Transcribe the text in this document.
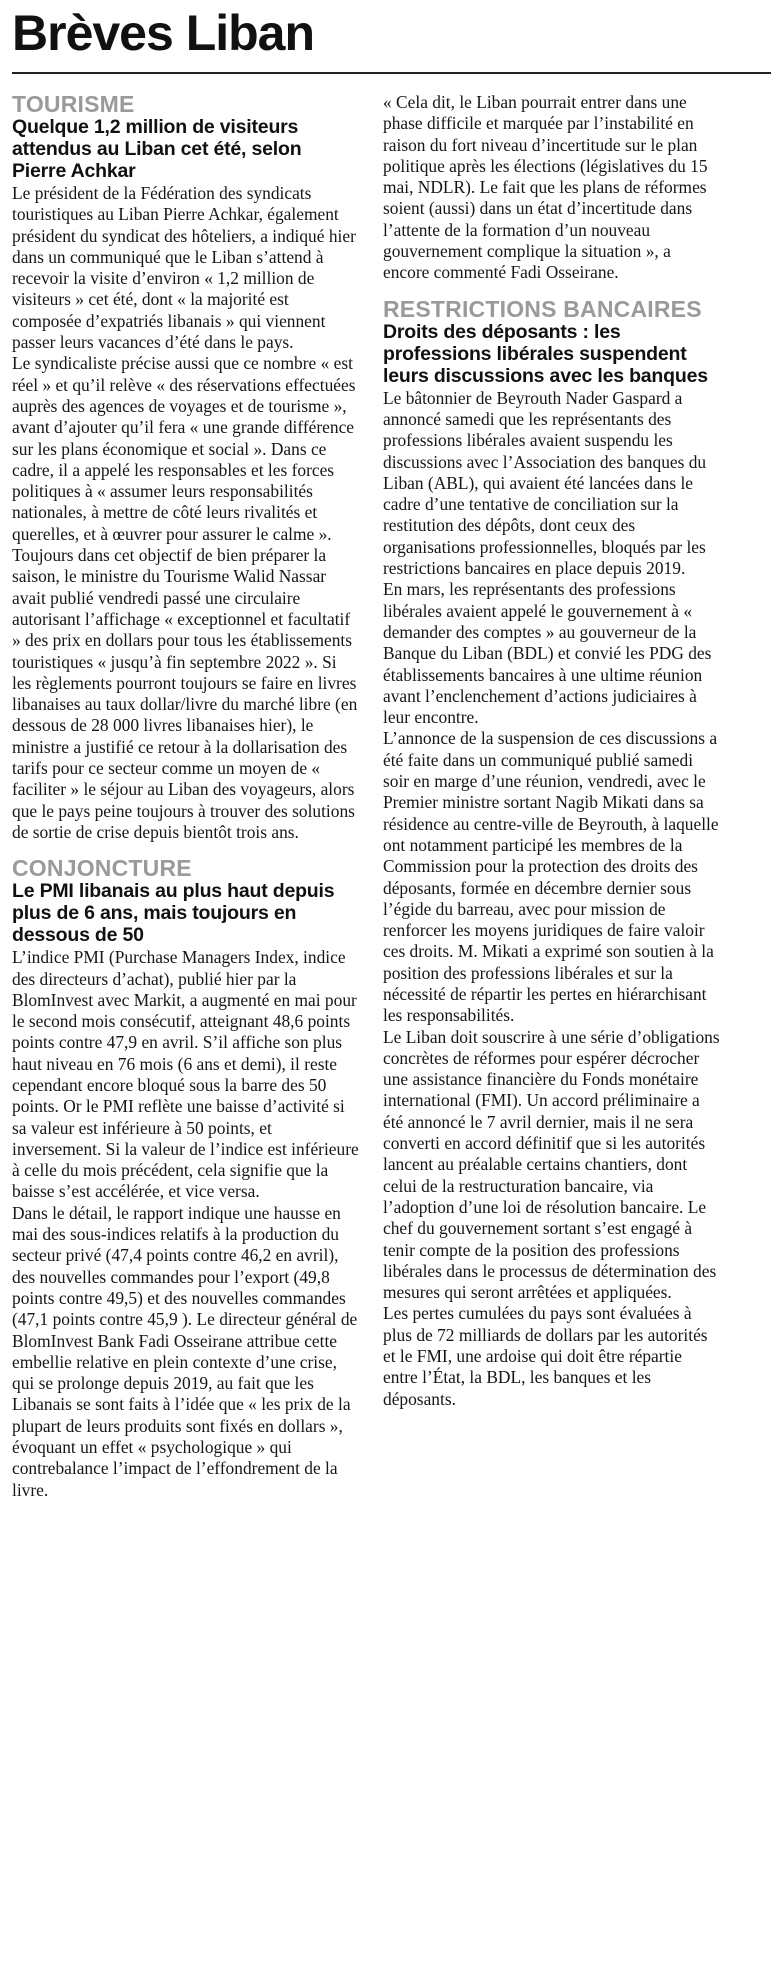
Brèves Liban
TOURISME
Quelque 1,2 million de visiteurs attendus au Liban cet été, selon Pierre Achkar

Le président de la Fédération des syndicats touristiques au Liban Pierre Achkar, également président du syndicat des hôteliers, a indiqué hier dans un communiqué que le Liban s’attend à recevoir la visite d’environ « 1,2 million de visiteurs » cet été, dont « la majorité est composée d’expatriés libanais » qui viennent passer leurs vacances d’été dans le pays.

Le syndicaliste précise aussi que ce nombre « est réel » et qu’il relève « des réservations effectuées auprès des agences de voyages et de tourisme », avant d’ajouter qu’il fera « une grande différence sur les plans économique et social ». Dans ce cadre, il a appelé les responsables et les forces politiques à « assumer leurs responsabilités nationales, à mettre de côté leurs rivalités et querelles, et à œuvrer pour assurer le calme ».

Toujours dans cet objectif de bien préparer la saison, le ministre du Tourisme Walid Nassar avait publié vendredi passé une circulaire autorisant l’affichage « exceptionnel et facultatif » des prix en dollars pour tous les établissements touristiques « jusqu’à fin septembre 2022 ». Si les règlements pourront toujours se faire en livres libanaises au taux dollar/livre du marché libre (en dessous de 28 000 livres libanaises hier), le ministre a justifié ce retour à la dollarisation des tarifs pour ce secteur comme un moyen de « faciliter » le séjour au Liban des voyageurs, alors que le pays peine toujours à trouver des solutions de sortie de crise depuis bientôt trois ans.

CONJONCTURE
Le PMI libanais au plus haut depuis plus de 6 ans, mais toujours en dessous de 50

L’indice PMI (Purchase Managers Index, indice des directeurs d’achat), publié hier par la BlomInvest avec Markit, a augmenté en mai pour le second mois consécutif, atteignant 48,6 points points contre 47,9 en avril. S’il affiche son plus haut niveau en 76 mois (6 ans et demi), il reste cependant encore bloqué sous la barre des 50 points. Or le PMI reflète une baisse d’activité si sa valeur est inférieure à 50 points, et inversement. Si la valeur de l’indice est inférieure à celle du mois précédent, cela signifie que la baisse s’est accélérée, et vice versa.

Dans le détail, le rapport indique une hausse en mai des sous-indices relatifs à la production du secteur privé (47,4 points contre 46,2 en avril), des nouvelles commandes pour l’export (49,8 points contre 49,5) et des nouvelles commandes (47,1 points contre 45,9 ). Le directeur général de BlomInvest Bank Fadi Osseirane attribue cette embellie relative en plein contexte d’une crise, qui se prolonge depuis 2019, au fait que les Libanais se sont faits à l’idée que « les prix de la plupart de leurs produits sont fixés en dollars », évoquant un effet « psychologique » qui contrebalance l’impact de l’effondrement de la livre.

« Cela dit, le Liban pourrait entrer dans une phase difficile et marquée par l’instabilité en raison du fort niveau d’incertitude sur le plan politique après les élections (législatives du 15 mai, NDLR). Le fait que les plans de réformes soient (aussi) dans un état d’incertitude dans l’attente de la formation d’un nouveau gouvernement complique la situation », a encore commenté Fadi Osseirane.

RESTRICTIONS BANCAIRES
Droits des déposants : les professions libérales suspendent leurs discussions avec les banques

Le bâtonnier de Beyrouth Nader Gaspard a annoncé samedi que les représentants des professions libérales avaient suspendu les discussions avec l’Association des banques du Liban (ABL), qui avaient été lancées dans le cadre d’une tentative de conciliation sur la restitution des dépôts, dont ceux des organisations professionnelles, bloqués par les restrictions bancaires en place depuis 2019.

En mars, les représentants des professions libérales avaient appelé le gouvernement à « demander des comptes » au gouverneur de la Banque du Liban (BDL) et convié les PDG des établissements bancaires à une ultime réunion avant l’enclenchement d’actions judiciaires à leur encontre.

L’annonce de la suspension de ces discussions a été faite dans un communiqué publié samedi soir en marge d’une réunion, vendredi, avec le Premier ministre sortant Nagib Mikati dans sa résidence au centre-ville de Beyrouth, à laquelle ont notamment participé les membres de la Commission pour la protection des droits des déposants, formée en décembre dernier sous l’égide du barreau, avec pour mission de renforcer les moyens juridiques de faire valoir ces droits. M. Mikati a exprimé son soutien à la position des professions libérales et sur la nécessité de répartir les pertes en hiérarchisant les responsabilités.

Le Liban doit souscrire à une série d’obligations concrètes de réformes pour espérer décrocher une assistance financière du Fonds monétaire international (FMI). Un accord préliminaire a été annoncé le 7 avril dernier, mais il ne sera converti en accord définitif que si les autorités lancent au préalable certains chantiers, dont celui de la restructuration bancaire, via l’adoption d’une loi de résolution bancaire. Le chef du gouvernement sortant s’est engagé à tenir compte de la position des professions libérales dans le processus de détermination des mesures qui seront arrêtées et appliquées.

Les pertes cumulées du pays sont évaluées à plus de 72 milliards de dollars par les autorités et le FMI, une ardoise qui doit être répartie entre l’État, la BDL, les banques et les déposants.
